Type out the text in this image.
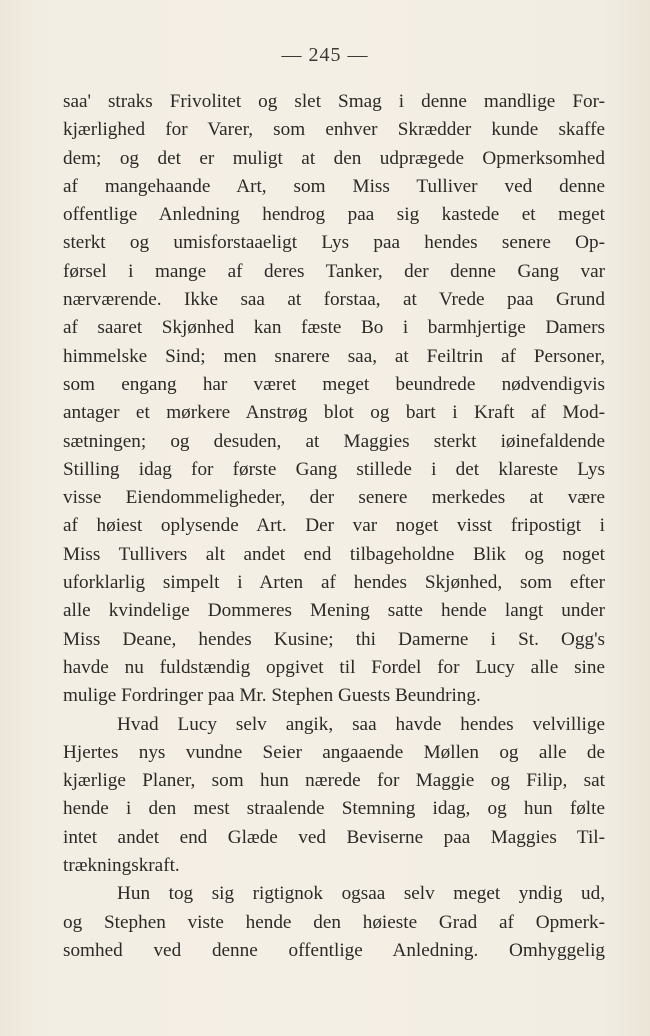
— 245 —
saa' straks Frivolitet og slet Smag i denne mandlige For-
kjærlighed for Varer, som enhver Skrædder kunde skaffe
dem; og det er muligt at den udprægede Opmerksomhed
af mangehaande Art, som Miss Tulliver ved denne
offentlige Anledning hendrog paa sig kastede et meget
sterkt og umisforstaaeligt Lys paa hendes senere Op-
førsel i mange af deres Tanker, der denne Gang var
nærværende. Ikke saa at forstaa, at Vrede paa Grund
af saaret Skjønhed kan fæste Bo i barmhjertige Damers
himmelske Sind; men snarere saa, at Feiltrin af Personer,
som engang har været meget beundrede nødvendigvis
antager et mørkere Anstrøg blot og bart i Kraft af Mod-
sætningen; og desuden, at Maggies sterkt iøinefaldende
Stilling idag for første Gang stillede i det klareste Lys
visse Eiendommeligheder, der senere merkedes at være
af høiest oplysende Art. Der var noget visst fripostigt i
Miss Tullivers alt andet end tilbageholdne Blik og noget
uforklarlig simpelt i Arten af hendes Skjønhed, som efter
alle kvindelige Dommeres Mening satte hende langt under
Miss Deane, hendes Kusine; thi Damerne i St. Ogg's
havde nu fuldstændig opgivet til Fordel for Lucy alle sine
mulige Fordringer paa Mr. Stephen Guests Beundring.
Hvad Lucy selv angik, saa havde hendes velvillige
Hjertes nys vundne Seier angaaende Møllen og alle de
kjærlige Planer, som hun nærede for Maggie og Filip, sat
hende i den mest straalende Stemning idag, og hun følte
intet andet end Glæde ved Beviserne paa Maggies Til-
trækningskraft.
Hun tog sig rigtignok ogsaa selv meget yndig ud,
og Stephen viste hende den høieste Grad af Opmerk-
somhed ved denne offentlige Anledning. Omhyggelig
